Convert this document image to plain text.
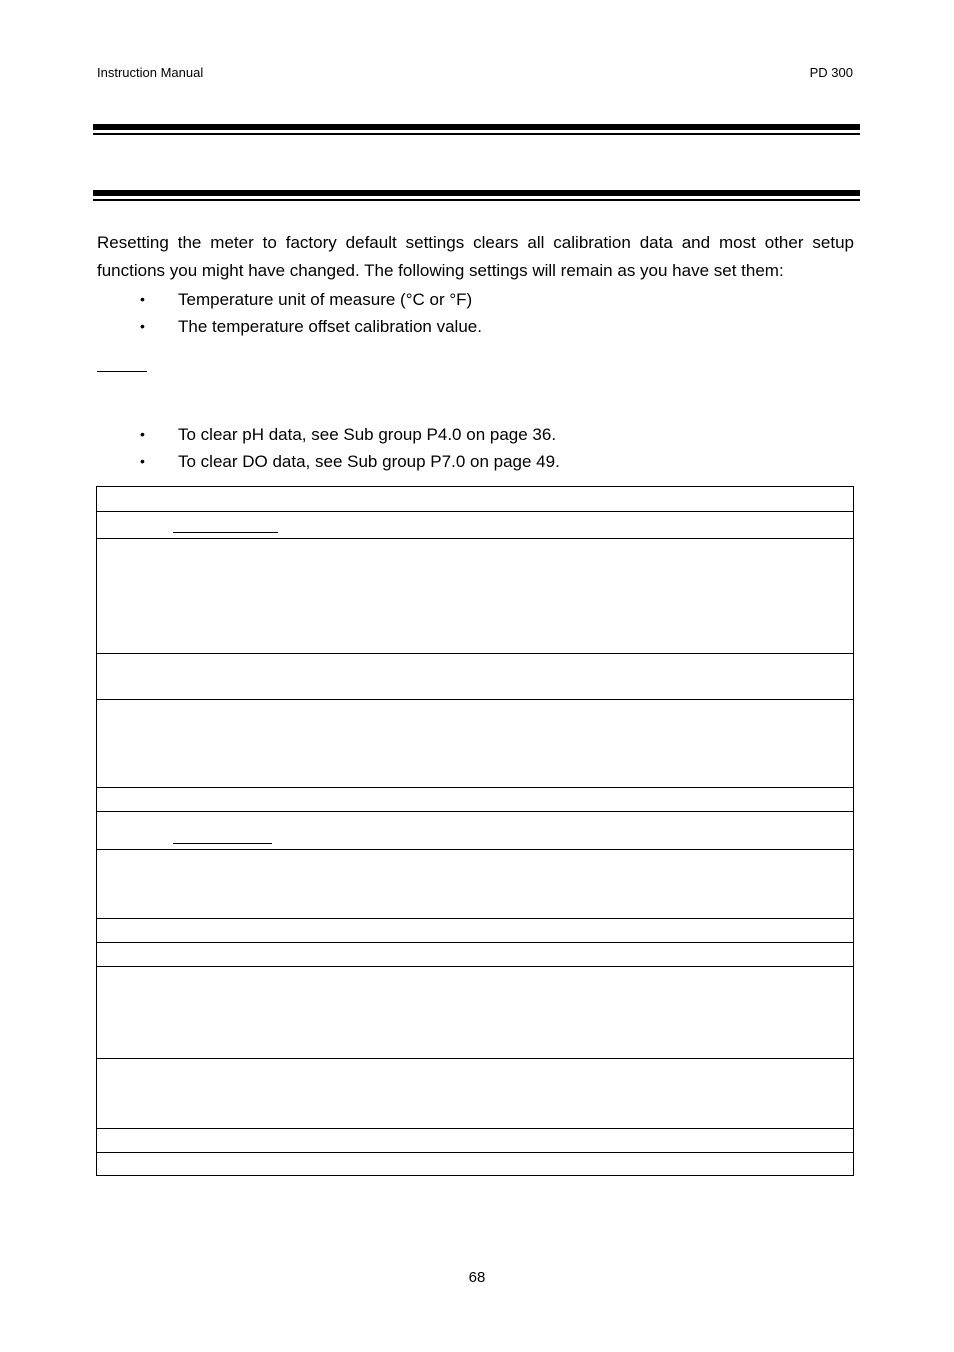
Instruction Manual	PD 300

Resetting the meter to factory default settings clears all calibration data and most other setup functions you might have changed. The following settings will remain as you have set them:

• Temperature unit of measure (°C or °F)
• The temperature offset calibration value.
• To clear pH data, see Sub group P4.0 on page 36.
• To clear DO data, see Sub group P7.0 on page 49.
68
